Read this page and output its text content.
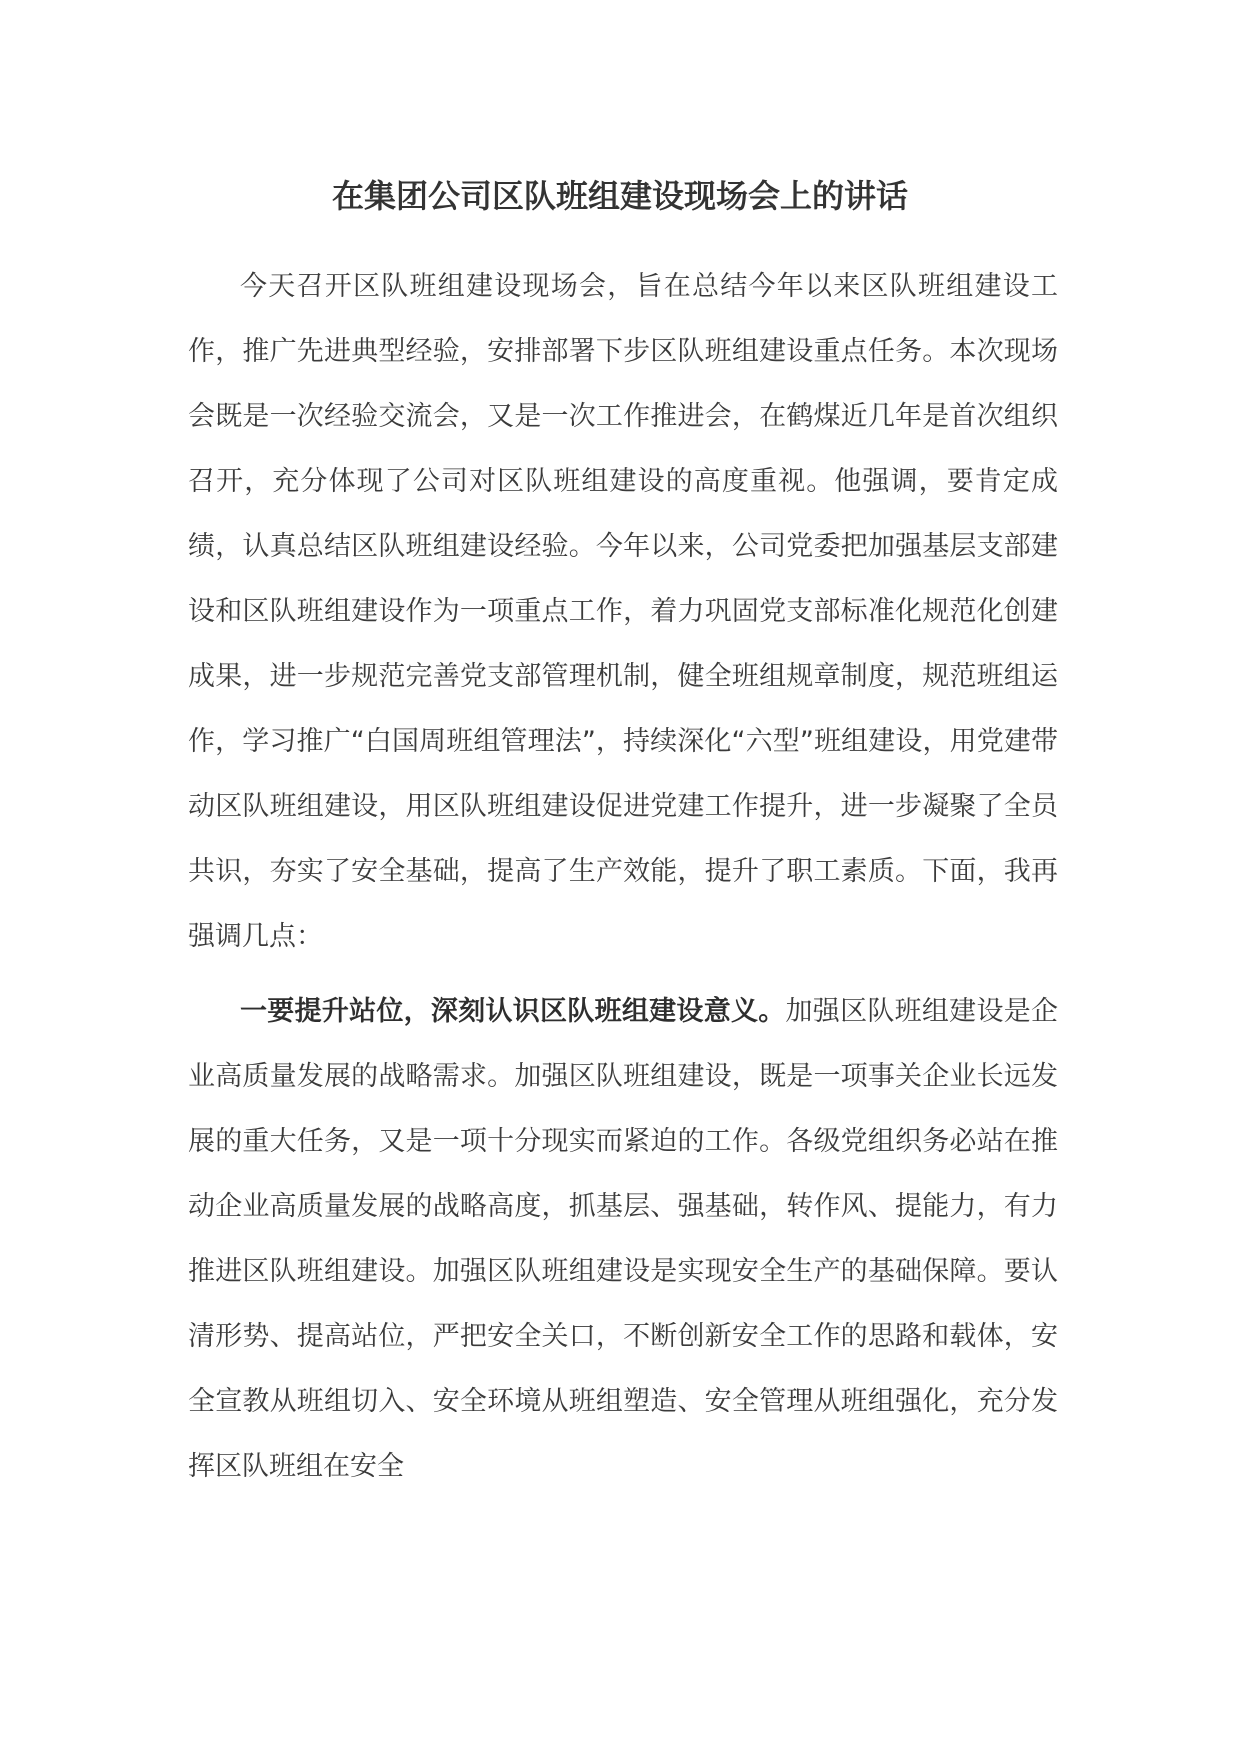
在集团公司区队班组建设现场会上的讲话

今天召开区队班组建设现场会，旨在总结今年以来区队班组建设工作，推广先进典型经验，安排部署下步区队班组建设重点任务。本次现场会既是一次经验交流会，又是一次工作推进会，在鹤煤近几年是首次组织召开，充分体现了公司对区队班组建设的高度重视。他强调，要肯定成绩，认真总结区队班组建设经验。今年以来，公司党委把加强基层支部建设和区队班组建设作为一项重点工作，着力巩固党支部标准化规范化创建成果，进一步规范完善党支部管理机制，健全班组规章制度，规范班组运作，学习推广“白国周班组管理法”，持续深化“六型”班组建设，用党建带动区队班组建设，用区队班组建设促进党建工作提升，进一步凝聚了全员共识，夯实了安全基础，提高了生产效能，提升了职工素质。下面，我再强调几点：

一要提升站位，深刻认识区队班组建设意义。加强区队班组建设是企业高质量发展的战略需求。加强区队班组建设，既是一项事关企业长远发展的重大任务，又是一项十分现实而紧迫的工作。各级党组织务必站在推动企业高质量发展的战略高度，抓基层、强基础，转作风、提能力，有力推进区队班组建设。加强区队班组建设是实现安全生产的基础保障。要认清形势、提高站位，严把安全关口，不断创新安全工作的思路和载体，安全宣教从班组切入、安全环境从班组塑造、安全管理从班组强化，充分发挥区队班组在安全
